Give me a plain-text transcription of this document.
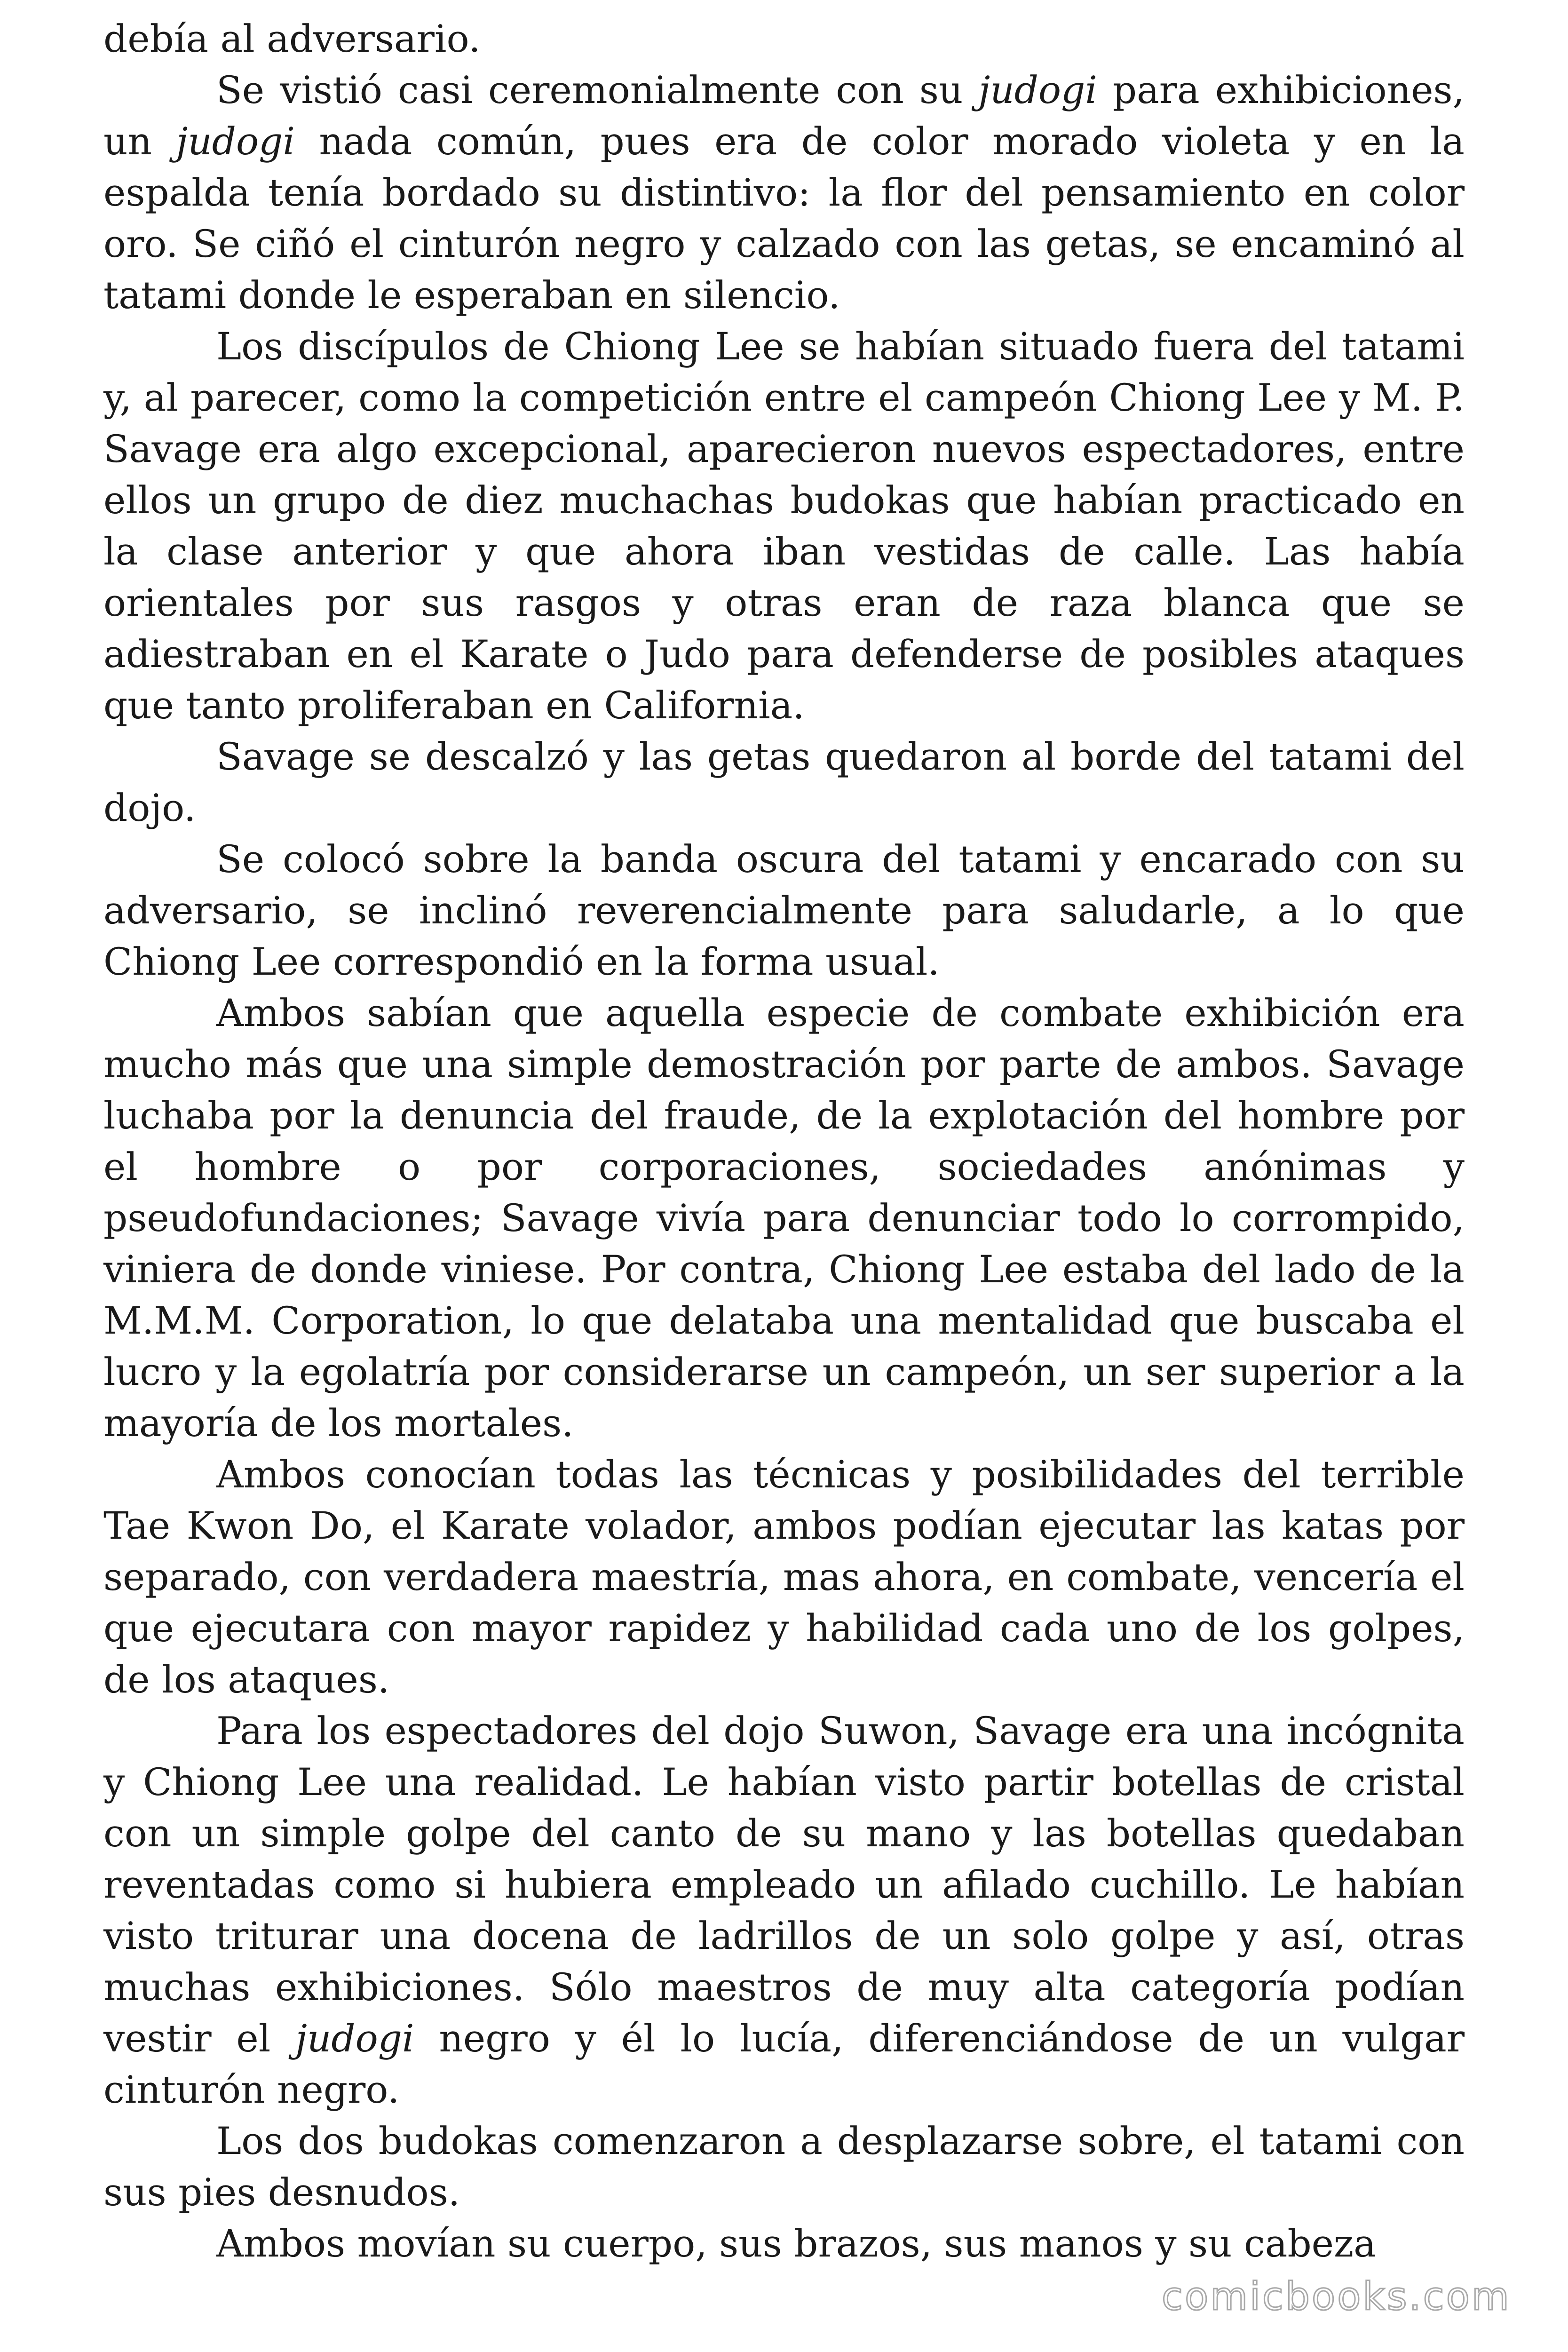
debía al adversario.

Se vistió casi ceremonialmente con su judogi para exhibiciones, un judogi nada común, pues era de color morado violeta y en la espalda tenía bordado su distintivo: la flor del pensamiento en color oro. Se ciñó el cinturón negro y calzado con las getas, se encaminó al tatami donde le esperaban en silencio.

Los discípulos de Chiong Lee se habían situado fuera del tatami y, al parecer, como la competición entre el campeón Chiong Lee y M. P. Savage era algo excepcional, aparecieron nuevos espectadores, entre ellos un grupo de diez muchachas budokas que habían practicado en la clase anterior y que ahora iban vestidas de calle. Las había orientales por sus rasgos y otras eran de raza blanca que se adiestraban en el Karate o Judo para defenderse de posibles ataques que tanto proliferaban en California.

Savage se descalzó y las getas quedaron al borde del tatami del dojo.

Se colocó sobre la banda oscura del tatami y encarado con su adversario, se inclinó reverencialmente para saludarle, a lo que Chiong Lee correspondió en la forma usual.

Ambos sabían que aquella especie de combate exhibición era mucho más que una simple demostración por parte de ambos. Savage luchaba por la denuncia del fraude, de la explotación del hombre por el hombre o por corporaciones, sociedades anónimas y pseudofundaciones; Savage vivía para denunciar todo lo corrompido, viniera de donde viniese. Por contra, Chiong Lee estaba del lado de la M.M.M. Corporation, lo que delataba una mentalidad que buscaba el lucro y la egolatría por considerarse un campeón, un ser superior a la mayoría de los mortales.

Ambos conocían todas las técnicas y posibilidades del terrible Tae Kwon Do, el Karate volador, ambos podían ejecutar las katas por separado, con verdadera maestría, mas ahora, en combate, vencería el que ejecutara con mayor rapidez y habilidad cada uno de los golpes, de los ataques.

Para los espectadores del dojo Suwon, Savage era una incógnita y Chiong Lee una realidad. Le habían visto partir botellas de cristal con un simple golpe del canto de su mano y las botellas quedaban reventadas como si hubiera empleado un afilado cuchillo. Le habían visto triturar una docena de ladrillos de un solo golpe y así, otras muchas exhibiciones. Sólo maestros de muy alta categoría podían vestir el judogi negro y él lo lucía, diferenciándose de un vulgar cinturón negro.

Los dos budokas comenzaron a desplazarse sobre, el tatami con sus pies desnudos.

Ambos movían su cuerpo, sus brazos, sus manos y su cabeza

comicbooks.com
